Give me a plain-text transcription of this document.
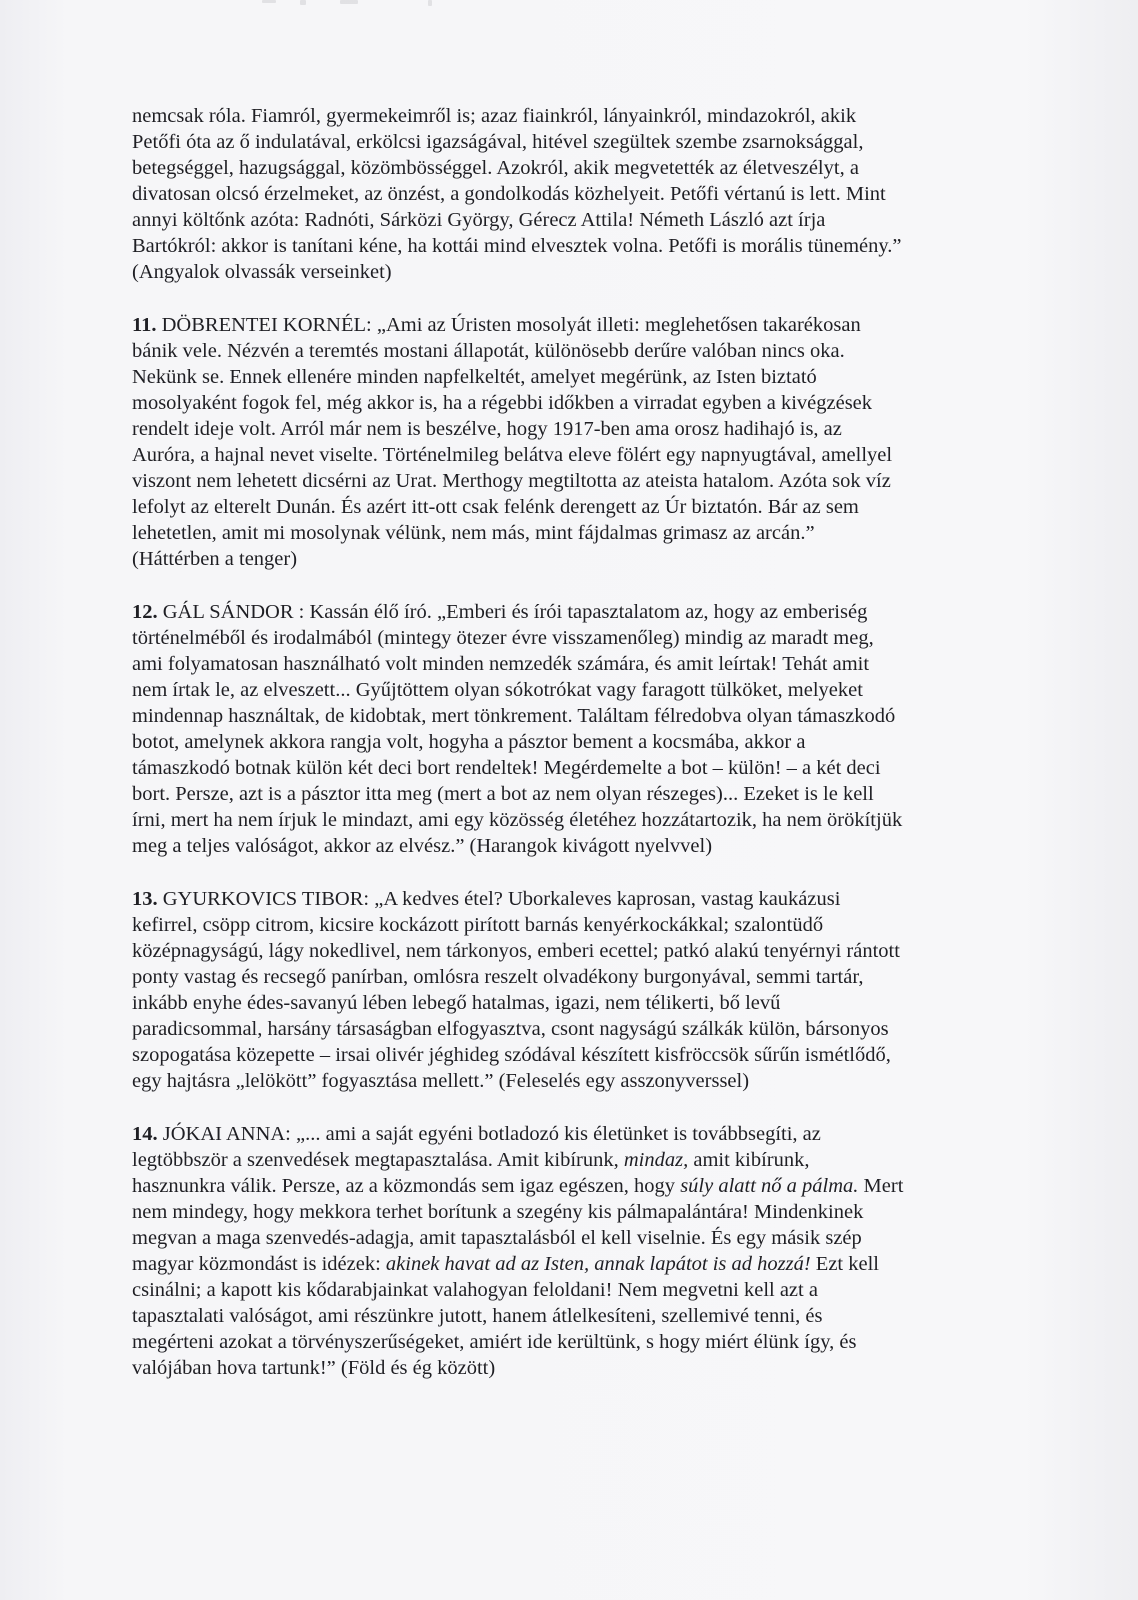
nemcsak róla. Fiamról, gyermekeimről is; azaz fiainkról, lányainkról, mindazokról, akik
Petőfi óta az ő indulatával, erkölcsi igazságával, hitével szegültek szembe zsarnoksággal,
betegséggel, hazugsággal, közömbösséggel. Azokról, akik megvetették az életveszélyt, a
divatosan olcsó érzelmeket, az önzést, a gondolkodás közhelyeit. Petőfi vértanú is lett. Mint
annyi költőnk azóta: Radnóti, Sárközi György, Gérecz Attila! Németh László azt írja
Bartókról: akkor is tanítani kéne, ha kottái mind elvesztek volna. Petőfi is morális tünemény.”
(Angyalok olvassák verseinket)
11. DÖBRENTEI KORNÉL: „Ami az Úristen mosolyát illeti: meglehetősen takarékosan
bánik vele. Nézvén a teremtés mostani állapotát, különösebb derűre valóban nincs oka.
Nekünk se. Ennek ellenére minden napfelkeltét, amelyet megérünk, az Isten biztató
mosolyaként fogok fel, még akkor is, ha a régebbi időkben a virradat egyben a kivégzések
rendelt ideje volt. Arról már nem is beszélve, hogy 1917-ben ama orosz hadihajó is, az
Auróra, a hajnal nevet viselte. Történelmileg belátva eleve fölért egy napnyugtával, amellyel
viszont nem lehetett dicsérni az Urat. Merthogy megtiltotta az ateista hatalom. Azóta sok víz
lefolyt az elterelt Dunán. És azért itt-ott csak felénk derengett az Úr biztatón. Bár az sem
lehetetlen, amit mi mosolynak vélünk, nem más, mint fájdalmas grimasz az arcán.”
(Háttérben a tenger)
12. GÁL SÁNDOR : Kassán élő író. „Emberi és írói tapasztalatom az, hogy az emberiség
történelméből és irodalmából (mintegy ötezer évre visszamenőleg) mindig az maradt meg,
ami folyamatosan használható volt minden nemzedék számára, és amit leírtak! Tehát amit
nem írtak le, az elveszett... Gyűjtöttem olyan sókotrókat vagy faragott tülköket, melyeket
mindennap használtak, de kidobtak, mert tönkrement. Találtam félredobva olyan támaszkodó
botot, amelynek akkora rangja volt, hogyha a pásztor bement a kocsmába, akkor a
támaszkodó botnak külön két deci bort rendeltek! Megérdemelte a bot – külön! – a két deci
bort. Persze, azt is a pásztor itta meg (mert a bot az nem olyan részeges)... Ezeket is le kell
írni, mert ha nem írjuk le mindazt, ami egy közösség életéhez hozzátartozik, ha nem örökítjük
meg a teljes valóságot, akkor az elvész.” (Harangok kivágott nyelvvel)
13. GYURKOVICS TIBOR: „A kedves étel? Uborkaleves kaprosan, vastag kaukázusi
kefirrel, csöpp citrom, kicsire kockázott pirított barnás kenyérkockákkal; szalontüdő
középnagyságú, lágy nokedlivel, nem tárkonyos, emberi ecettel; patkó alakú tenyérnyi rántott
ponty vastag és recsegő panírban, omlósra reszelt olvadékony burgonyával, semmi tartár,
inkább enyhe édes-savanyú lében lebegő hatalmas, igazi, nem télikerti, bő levű
paradicsommal, harsány társaságban elfogyasztva, csont nagyságú szálkák külön, bársonyos
szopogatása közepette – irsai olivér jéghideg szódával készített kisfröccsök sűrűn ismétlődő,
egy hajtásra „lelökött” fogyasztása mellett.” (Feleselés egy asszonyverssel)
14. JÓKAI ANNA: „... ami a saját egyéni botladozó kis életünket is továbbsegíti, az
legtöbbször a szenvedések megtapasztalása. Amit kibírunk, mindaz, amit kibírunk,
hasznunkra válik. Persze, az a közmondás sem igaz egészen, hogy súly alatt nő a pálma. Mert
nem mindegy, hogy mekkora terhet borítunk a szegény kis pálmapalántára! Mindenkinek
megvan a maga szenvedés-adagja, amit tapasztalásból el kell viselnie. És egy másik szép
magyar közmondást is idézek: akinek havat ad az Isten, annak lapátot is ad hozzá! Ezt kell
csinálni; a kapott kis kődarabjainkat valahogyan feloldani! Nem megvetni kell azt a
tapasztalati valóságot, ami részünkre jutott, hanem átlelkesíteni, szellemivé tenni, és
megérteni azokat a törvényszerűségeket, amiért ide kerültünk, s hogy miért élünk így, és
valójában hova tartunk!” (Föld és ég között)
